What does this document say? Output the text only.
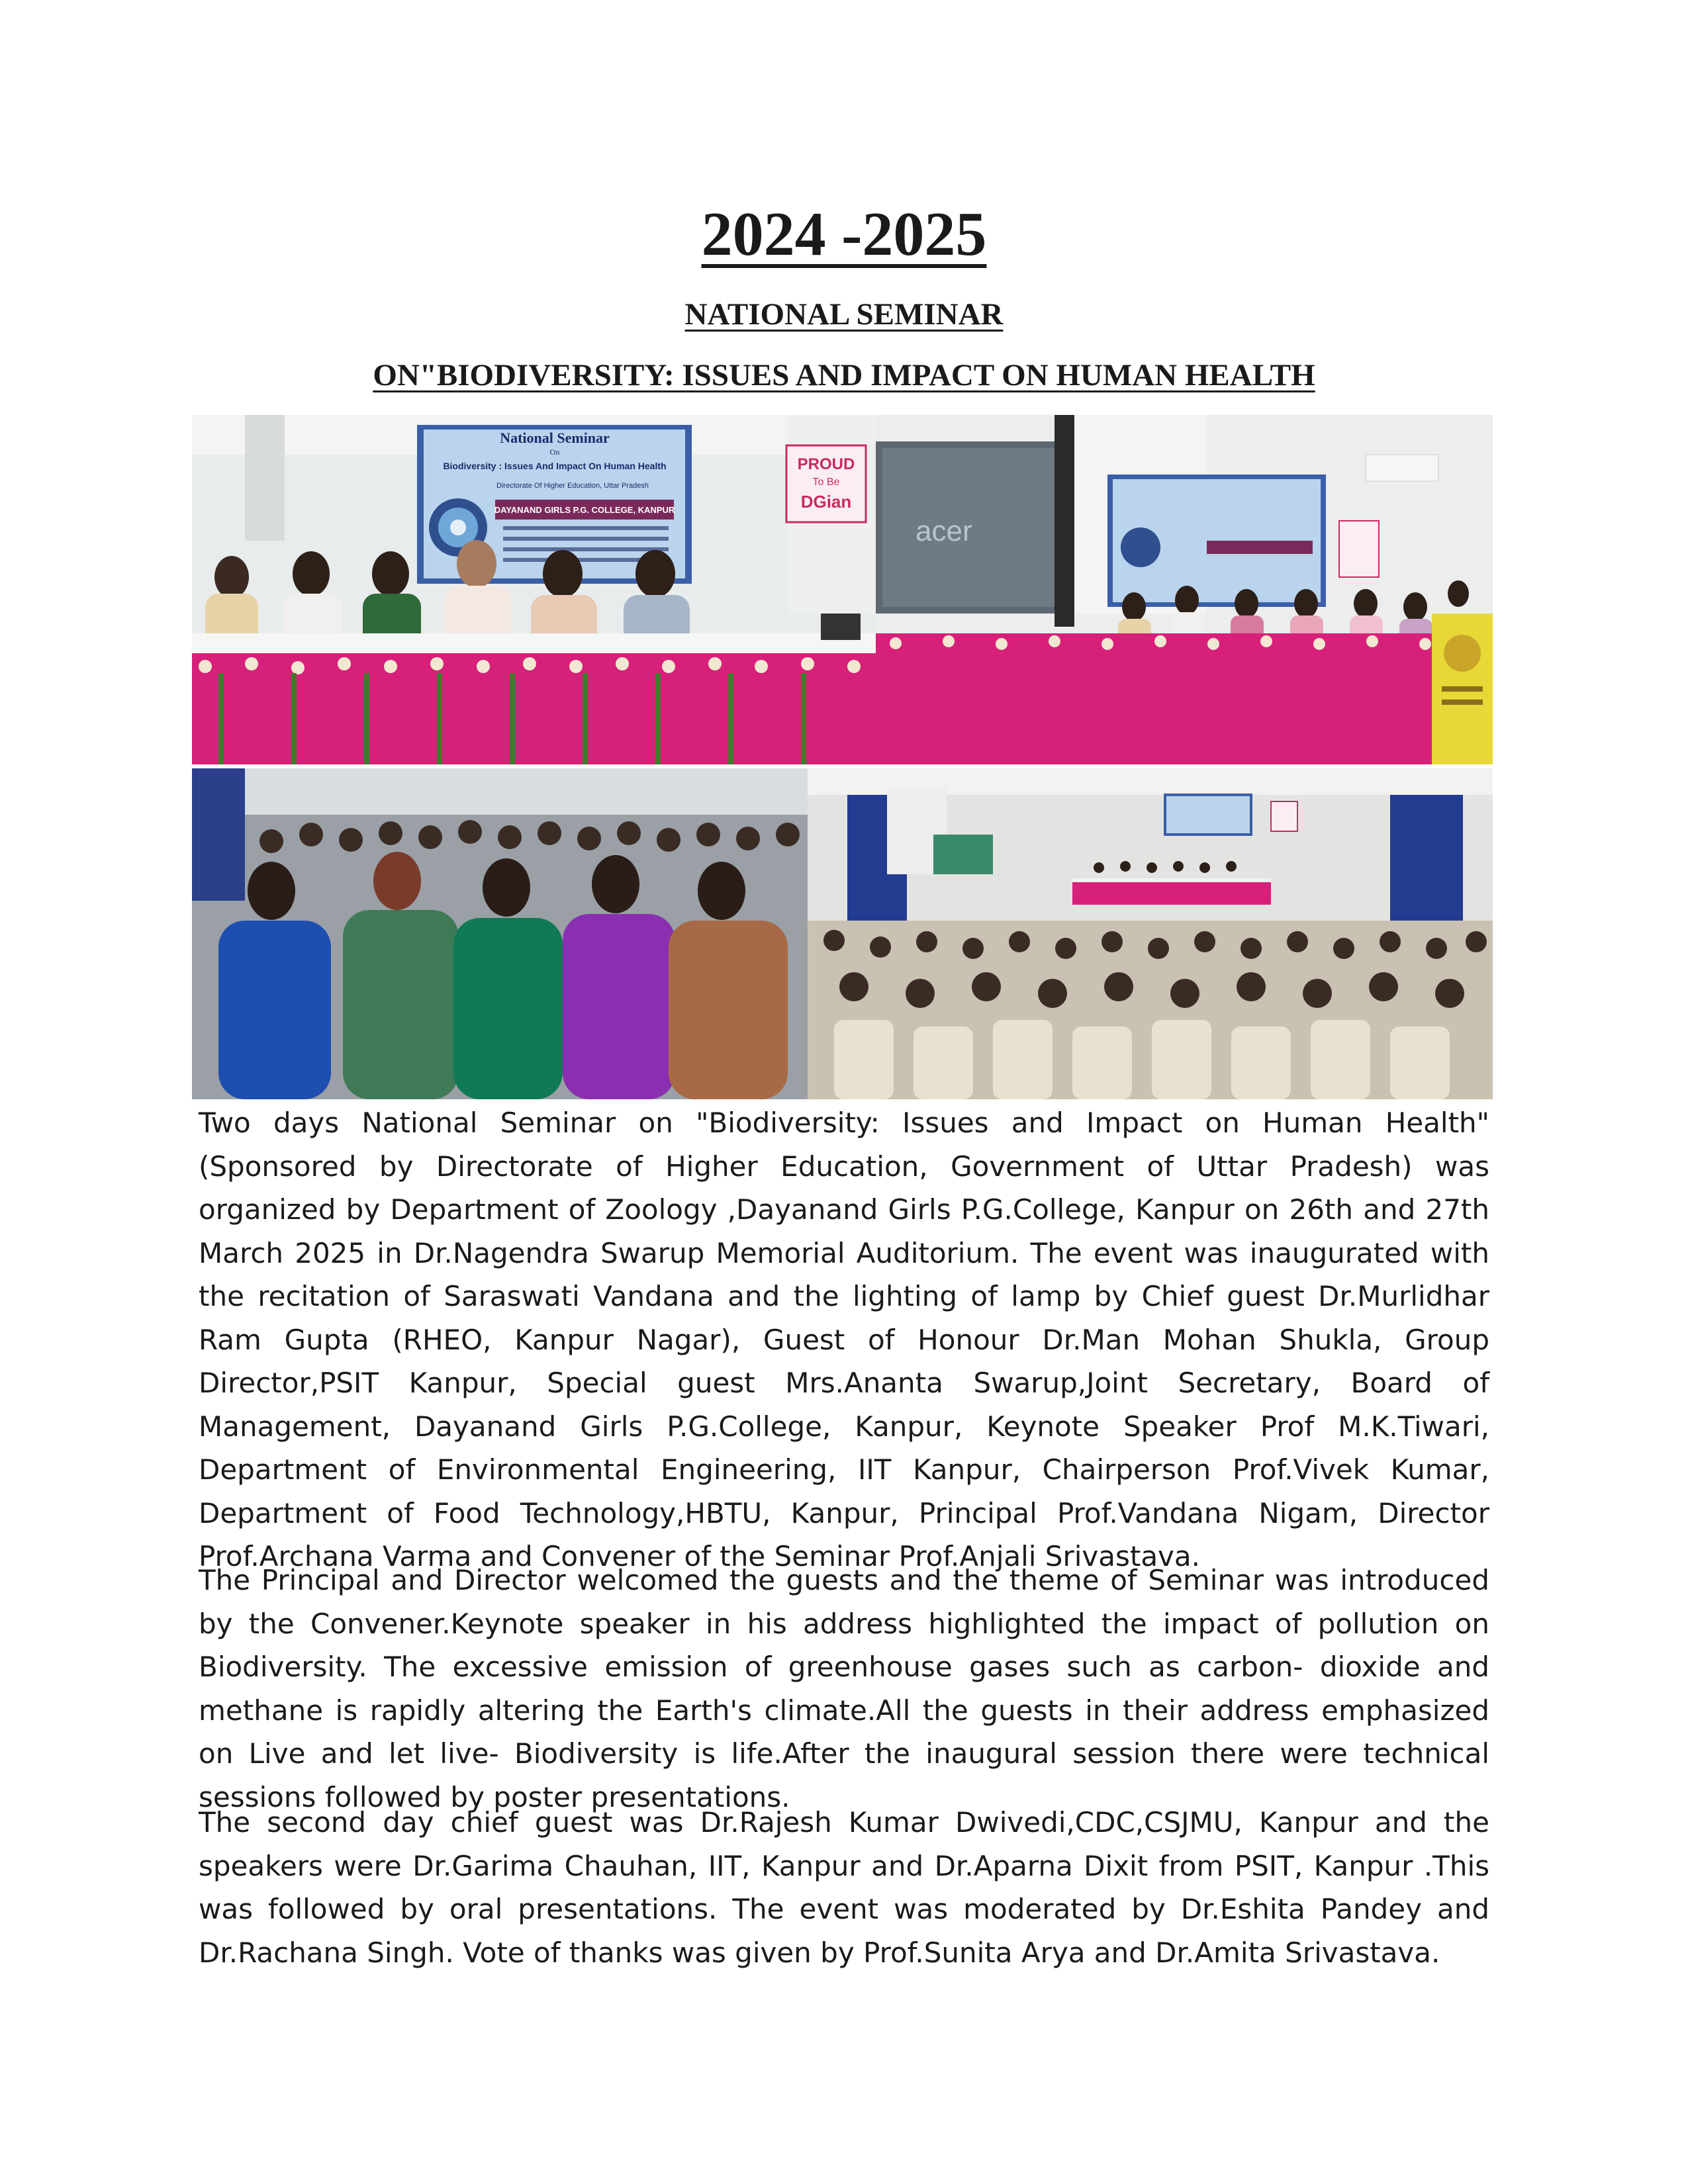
2024 -2025
NATIONAL SEMINAR
ON"BIODIVERSITY: ISSUES AND IMPACT ON HUMAN HEALTH
National Seminar
On
Biodiversity : Issues And Impact On Human Health
Directorate Of Higher Education, Uttar Pradesh
DAYANAND GIRLS P.G. COLLEGE, KANPUR
PROUD
To Be
DGian
acer

Two days National Seminar on "Biodiversity: Issues and Impact on Human Health"(Sponsored by Directorate of Higher Education, Government of Uttar Pradesh) was organized by Department of Zoology ,Dayanand Girls P.G.College, Kanpur on 26th and 27th March 2025 in Dr.Nagendra Swarup Memorial Auditorium. The event was inaugurated with the recitation of Saraswati Vandana and the lighting of lamp by Chief guest Dr.Murlidhar Ram Gupta (RHEO, Kanpur Nagar), Guest of Honour Dr.Man Mohan Shukla, Group Director,PSIT Kanpur, Special guest Mrs.Ananta Swarup,Joint Secretary, Board of Management, Dayanand Girls P.G.College, Kanpur, Keynote Speaker Prof M.K.Tiwari, Department of Environmental Engineering, IIT Kanpur, Chairperson Prof.Vivek Kumar, Department of Food Technology,HBTU, Kanpur, Principal Prof.Vandana Nigam, Director Prof.Archana Varma and Convener of the Seminar Prof.Anjali Srivastava.

The Principal and Director welcomed the guests and the theme of Seminar was introduced by the Convener.Keynote speaker in his address highlighted the impact of pollution on Biodiversity. The excessive emission of greenhouse gases such as carbon- dioxide and methane is rapidly altering the Earth's climate.All the guests in their address emphasized on Live and let live- Biodiversity is life.After the inaugural session there were technical sessions followed by poster presentations.

The second day chief guest was Dr.Rajesh Kumar Dwivedi,CDC,CSJMU, Kanpur and the speakers were Dr.Garima Chauhan, IIT, Kanpur and Dr.Aparna Dixit from PSIT, Kanpur .This was followed by oral presentations. The event was moderated by Dr.Eshita Pandey and Dr.Rachana Singh. Vote of thanks was given by Prof.Sunita Arya and Dr.Amita Srivastava.
